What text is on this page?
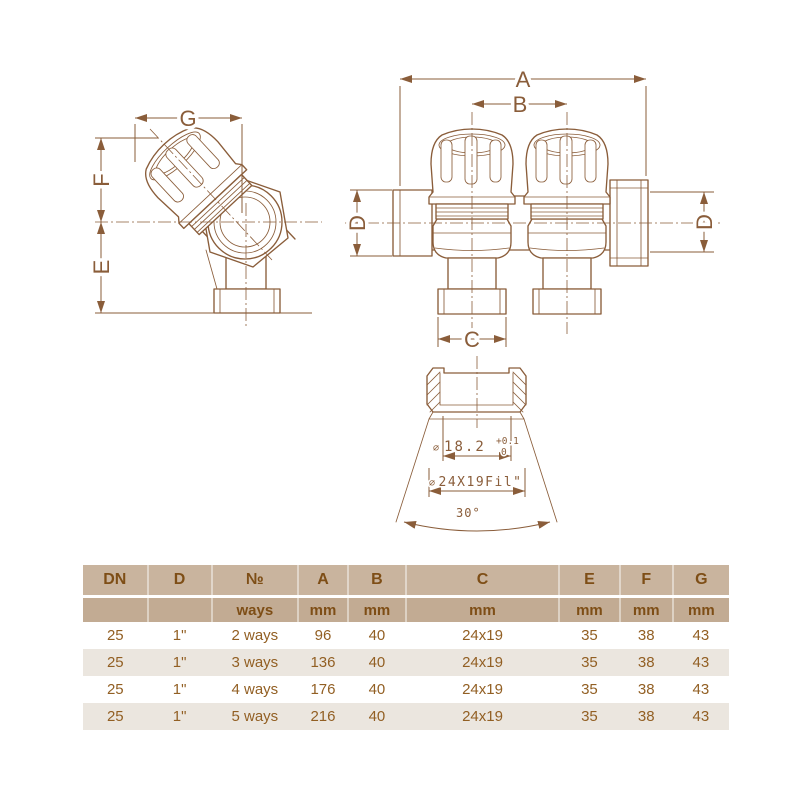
G
F
E
A
B
D	D
C
⌀ 18.2 +0.1
0
⌀ 24X19Fil"
30°
DN	D	№	A	B	C	E	F	G
		ways	mm	mm	mm	mm	mm	mm
25	1"	2 ways	96	40	24x19	35	38	43
25	1"	3 ways	136	40	24x19	35	38	43
25	1"	4 ways	176	40	24x19	35	38	43
25	1"	5 ways	216	40	24x19	35	38	43
